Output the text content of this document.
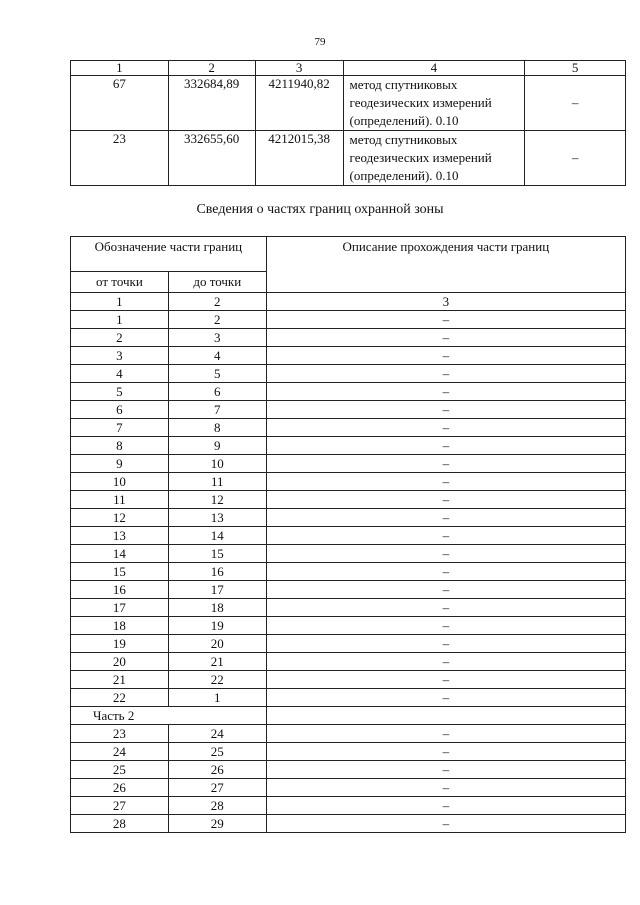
79
1	2	3	4	5
67	332684,89	4211940,82	метод спутниковых
геодезических измерений
(определений). 0.10	–
23	332655,60	4212015,38	метод спутниковых
геодезических измерений
(определений). 0.10	–
Сведения о частях границ охранной зоны
Обозначение части границ		Описание прохождения части границ
от точки	до точки	
1	2	3
1	2	–
2	3	–
3	4	–
4	5	–
5	6	–
6	7	–
7	8	–
8	9	–
9	10	–
10	11	–
11	12	–
12	13	–
13	14	–
14	15	–
15	16	–
16	17	–
17	18	–
18	19	–
19	20	–
20	21	–
21	22	–
22	1	–
Часть 2		
23	24	–
24	25	–
25	26	–
26	27	–
27	28	–
28	29	–
